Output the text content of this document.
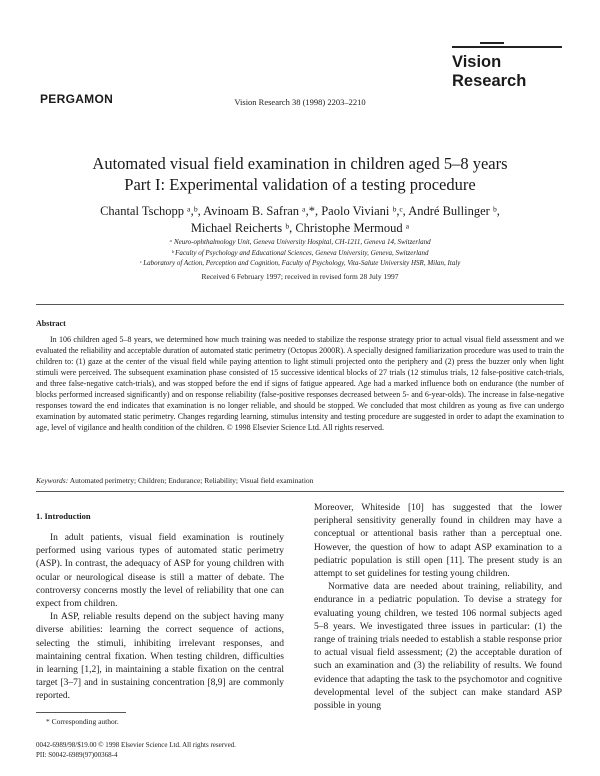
PERGAMON	Vision Research 38 (1998) 2203–2210
Vision
Research
Automated visual field examination in children aged 5–8 years
Part I: Experimental validation of a testing procedure
Chantal Tschopp ᵃ,ᵇ, Avinoam B. Safran ᵃ,*, Paolo Viviani ᵇ,ᶜ, André Bullinger ᵇ,
Michael Reicherts ᵇ, Christophe Mermoud ᵃ
ᵃ Neuro-ophthalmology Unit, Geneva University Hospital, CH-1211, Geneva 14, Switzerland
ᵇ Faculty of Psychology and Educational Sciences, Geneva University, Geneva, Switzerland
ᶜ Laboratory of Action, Perception and Cognition, Faculty of Psychology, Vita-Salute University HSR, Milan, Italy
Received 6 February 1997; received in revised form 28 July 1997
Abstract

In 106 children aged 5–8 years, we determined how much training was needed to stabilize the response strategy prior to actual visual field assessment and we evaluated the reliability and acceptable duration of automated static perimetry (Octopus 2000R). A specially designed familiarization procedure was used to train the children to: (1) gaze at the center of the visual field while paying attention to light stimuli projected onto the periphery and (2) press the buzzer only when light stimuli were perceived. The subsequent examination phase consisted of 15 successive identical blocks of 27 trials (12 stimulus trials, 12 false-positive catch-trials, and three false-negative catch-trials), and was stopped before the end if signs of fatigue appeared. Age had a marked influence both on endurance (the number of blocks performed increased significantly) and on response reliability (false-positive responses decreased between 5- and 6-year-olds). The increase in false-negative responses toward the end indicates that examination is no longer reliable, and should be stopped. We concluded that most children as young as five can undergo examination by automated static perimetry. Changes regarding learning, stimulus intensity and testing procedure are suggested in order to adapt the examination to age, level of vigilance and health condition of the children. © 1998 Elsevier Science Ltd. All rights reserved.

Keywords: Automated perimetry; Children; Endurance; Reliability; Visual field examination
1. Introduction

In adult patients, visual field examination is routinely performed using various types of automated static perimetry (ASP). In contrast, the adequacy of ASP for young children with ocular or neurological disease is still a matter of debate. The controversy concerns mostly the level of reliability that one can expect from children.

In ASP, reliable results depend on the subject having many diverse abilities: learning the correct sequence of actions, selecting the stimuli, inhibiting irrelevant responses, and maintaining central fixation. When testing children, difficulties in learning [1,2], in maintaining a stable fixation on the central target [3–7] and in sustaining concentration [8,9] are commonly reported.

Moreover, Whiteside [10] has suggested that the lower peripheral sensitivity generally found in children may have a conceptual or attentional basis rather than a perceptual one. However, the question of how to adapt ASP examination to a pediatric population is still open [11]. The present study is an attempt to set guidelines for testing young children.

Normative data are needed about training, reliability, and endurance in a pediatric population. To devise a strategy for evaluating young children, we tested 106 normal subjects aged 5–8 years. We investigated three issues in particular: (1) the range of training trials needed to establish a stable response prior to actual visual field assessment; (2) the acceptable duration of such an examination and (3) the reliability of results. We found evidence that adapting the task to the psychomotor and cognitive developmental level of the subject can make standard ASP possible in young

* Corresponding author.
0042-6989/98/$19.00 © 1998 Elsevier Science Ltd. All rights reserved.
PII: S0042-6989(97)00368-4
